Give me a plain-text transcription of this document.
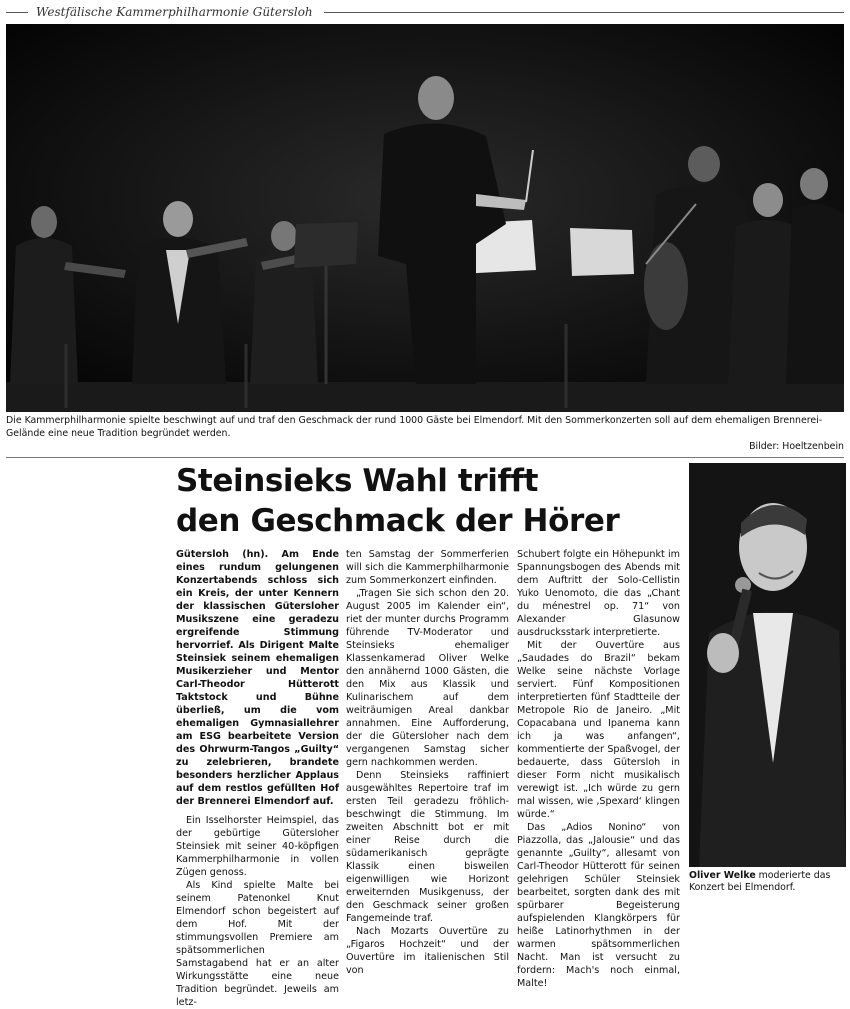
Westfälische Kammerphilharmonie Gütersloh
Die Kammerphilharmonie spielte beschwingt auf und traf den Geschmack der rund 1000 Gäste bei Elmendorf. Mit den Sommerkonzerten soll auf dem ehemaligen Brennerei-Gelände eine neue Tradition begründet werden.
Bilder: Hoeltzenbein
Steinsieks Wahl trifft
den Geschmack der Hörer

Gütersloh (hn). Am Ende eines rundum gelungenen Konzertabends schloss sich ein Kreis, der unter Kennern der klassischen Gütersloher Musikszene eine geradezu ergreifende Stimmung hervorrief. Als Dirigent Malte Steinsiek seinem ehemaligen Musikerzieher und Mentor Carl-Theodor Hütterott Taktstock und Bühne überließ, um die vom ehemaligen Gymnasiallehrer am ESG bearbeitete Version des Ohrwurm-Tangos „Guilty“ zu zelebrieren, brandete besonders herzlicher Applaus auf dem restlos gefüllten Hof der Brennerei Elmendorf auf.

Ein Isselhorster Heimspiel, das der gebürtige Gütersloher Steinsiek mit seiner 40-köpfigen Kammerphilharmonie in vollen Zügen genoss.

Als Kind spielte Malte bei seinem Patenonkel Knut Elmendorf schon begeistert auf dem Hof. Mit der stimmungsvollen Premiere am spätsommerlichen Samstagabend hat er an alter Wirkungsstätte eine neue Tradition begründet. Jeweils am letz-

ten Samstag der Sommerferien will sich die Kammerphilharmonie zum Sommerkonzert einfinden.

„Tragen Sie sich schon den 20. August 2005 im Kalender ein“, riet der munter durchs Programm führende TV-Moderator und Steinsieks ehemaliger Klassenkamerad Oliver Welke den annähernd 1000 Gästen, die den Mix aus Klassik und Kulinarischem auf dem weiträumigen Areal dankbar annahmen. Eine Aufforderung, der die Gütersloher nach dem vergangenen Samstag sicher gern nachkommen werden.

Denn Steinsieks raffiniert ausgewähltes Repertoire traf im ersten Teil geradezu fröhlich-beschwingt die Stimmung. Im zweiten Abschnitt bot er mit einer Reise durch die südamerikanisch geprägte Klassik einen bisweilen eigenwilligen wie Horizont erweiternden Musikgenuss, der den Geschmack seiner großen Fangemeinde traf.

Nach Mozarts Ouvertüre zu „Figaros Hochzeit“ und der Ouvertüre im italienischen Stil von

Schubert folgte ein Höhepunkt im Spannungsbogen des Abends mit dem Auftritt der Solo-Cellistin Yuko Uenomoto, die das „Chant du ménestrel op. 71“ von Alexander Glasunow ausdrucksstark interpretierte.

Mit der Ouvertüre aus „Saudades do Brazil“ bekam Welke seine nächste Vorlage serviert. Fünf Kompositionen interpretierten fünf Stadtteile der Metropole Rio de Janeiro. „Mit Copacabana und Ipanema kann ich ja was anfangen“, kommentierte der Spaßvogel, der bedauerte, dass Gütersloh in dieser Form nicht musikalisch verewigt ist. „Ich würde zu gern mal wissen, wie ‚Spexard‘ klingen würde.“

Das „Adios Nonino“ von Piazzolla, das „Jalousie“ und das genannte „Guilty“, allesamt von Carl-Theodor Hütterott für seinen gelehrigen Schüler Steinsiek bearbeitet, sorgten dank des mit spürbarer Begeisterung aufspielenden Klangkörpers für heiße Latinorhythmen in der warmen spätsommerlichen Nacht. Man ist versucht zu fordern: Mach's noch einmal, Malte!

Oliver Welke moderierte das Konzert bei Elmendorf.
